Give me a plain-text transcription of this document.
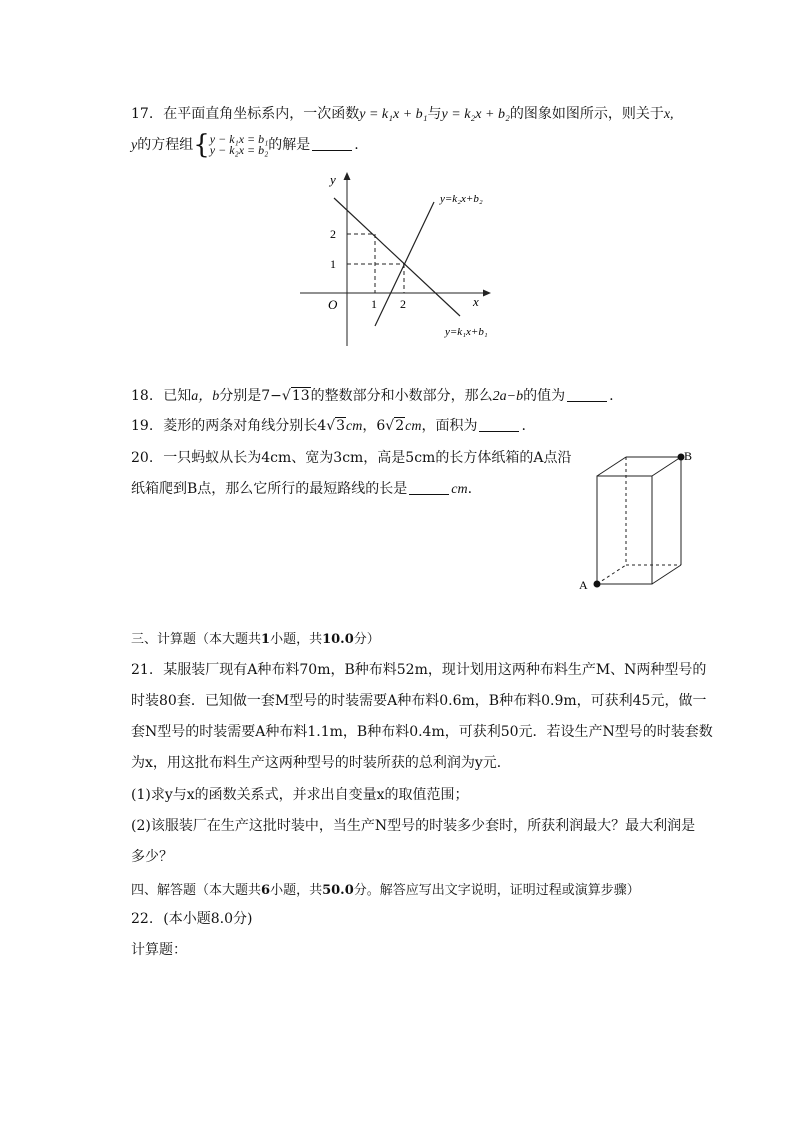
17. 在平面直角坐标系内，一次函数y = k₁x + b₁与y = k₂x + b₂的图象如图所示，则关于x,
y的方程组{y − k₁x = b₁
y − k₂x = b₂的解是	.
y
x
O
2
1
1 2
y=k₂x+b₂
y=k₁x+b₁
18. 已知a，b分别是7−√13的整数部分和小数部分，那么2a−b的值为	.
19. 菱形的两条对角线分别长4√3cm，6√2cm，面积为	.
20. 一只蚂蚁从长为4cm、宽为3cm，高是5cm的长方体纸箱的A点沿
纸箱爬到B点，那么它所行的最短路线的长是	cm.
A
B
三、计算题（本大题共1小题，共10.0分）
21. 某服装厂现有A种布料70m，B种布料52m，现计划用这两种布料生产M、N两种型号的
时装80套．已知做一套M型号的时装需要A种布料0.6m，B种布料0.9m，可获利45元，做一
套N型号的时装需要A种布料1.1m，B种布料0.4m，可获利50元．若设生产N型号的时装套数
为x，用这批布料生产这两种型号的时装所获的总利润为y元．
(1)求y与x的函数关系式，并求出自变量x的取值范围；
(2)该服装厂在生产这批时装中，当生产N型号的时装多少套时，所获利润最大？最大利润是
多少？
四、解答题（本大题共6小题，共50.0分。解答应写出文字说明，证明过程或演算步骤）
22. (本小题8.0分)
计算题：
